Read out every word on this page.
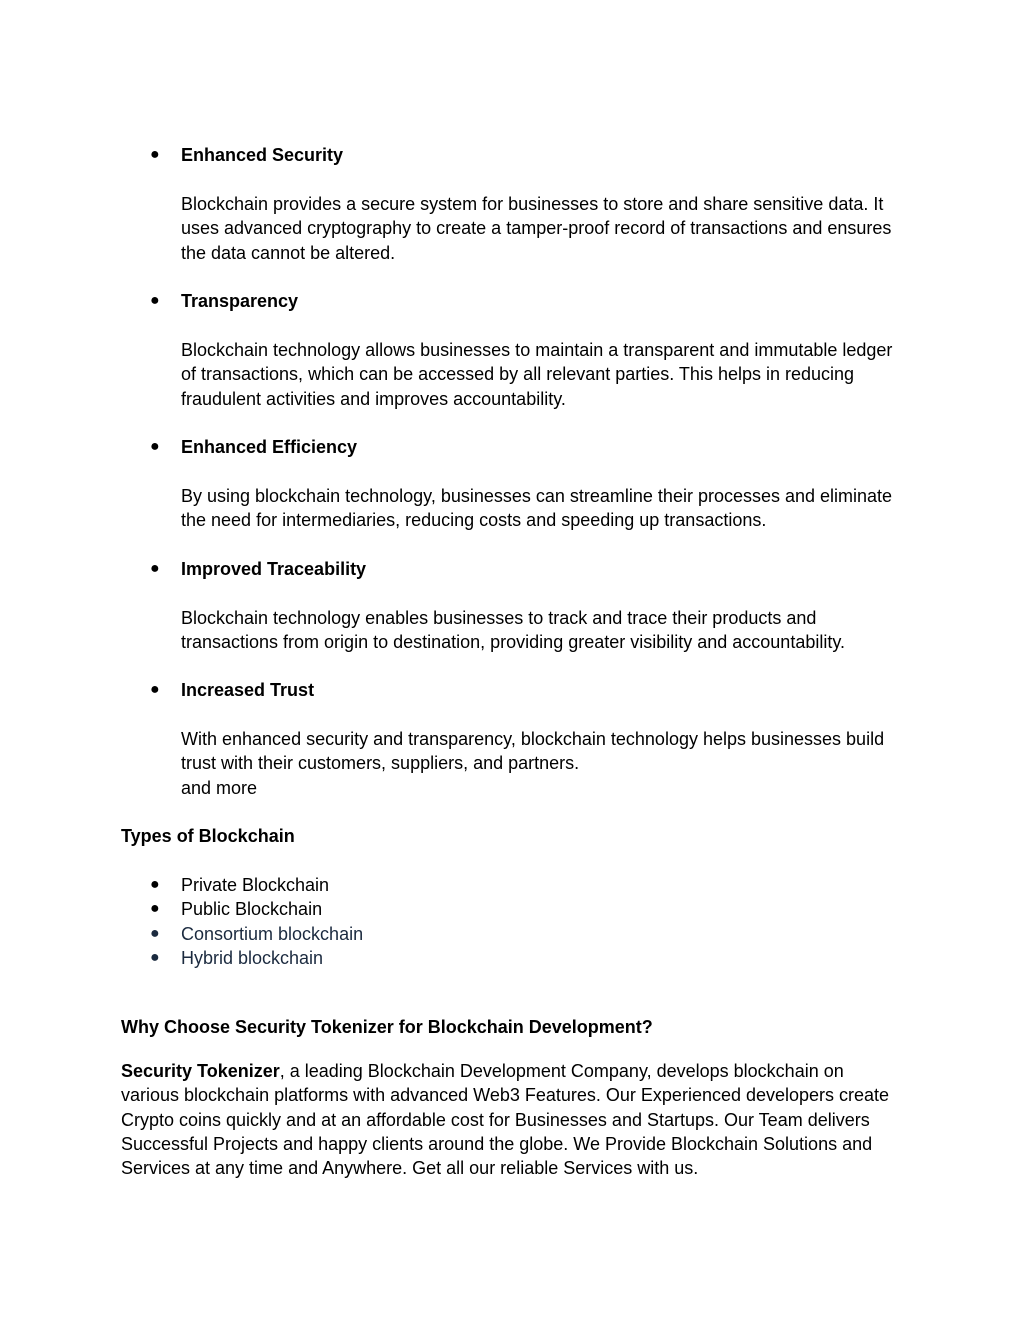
●	Enhanced Security

Blockchain provides a secure system for businesses to store and share sensitive data. It uses advanced cryptography to create a tamper-proof record of transactions and ensures the data cannot be altered.

●	Transparency

Blockchain technology allows businesses to maintain a transparent and immutable ledger of transactions, which can be accessed by all relevant parties. This helps in reducing fraudulent activities and improves accountability.

●	Enhanced Efficiency

By using blockchain technology, businesses can streamline their processes and eliminate the need for intermediaries, reducing costs and speeding up transactions.

●	Improved Traceability

Blockchain technology enables businesses to track and trace their products and transactions from origin to destination, providing greater visibility and accountability.

●	Increased Trust

With enhanced security and transparency, blockchain technology helps businesses build trust with their customers, suppliers, and partners.

and more

Types of Blockchain
●	Private Blockchain
●	Public Blockchain
●	Consortium blockchain
●	Hybrid blockchain
Why Choose Security Tokenizer for Blockchain Development?

Security Tokenizer, a leading Blockchain Development Company, develops blockchain on various blockchain platforms with advanced Web3 Features. Our Experienced developers create Crypto coins quickly and at an affordable cost for Businesses and Startups. Our Team delivers Successful Projects and happy clients around the globe. We Provide Blockchain Solutions and Services at any time and Anywhere. Get all our reliable Services with us.
